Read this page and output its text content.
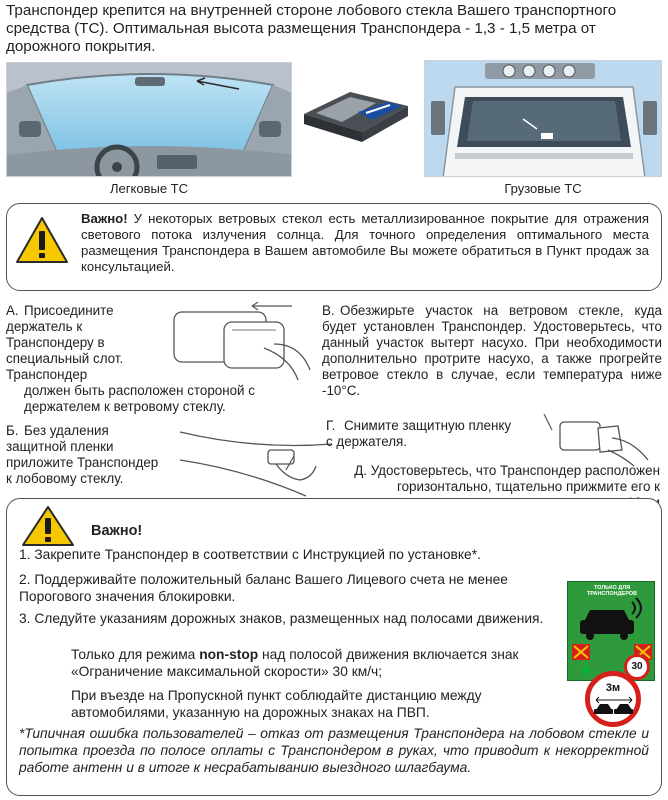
Транспондер крепится на внутренней стороне лобового стекла Вашего транспортного средства (ТС). Оптимальная высота размещения Транспондера - 1,3 - 1,5 метра от дорожного покрытия.
Легковые ТС	Грузовые ТС
Важно! У некоторых ветровых стекол есть металлизированное покрытие для отражения светового потока излучения солнца. Для точного определения оптимального места размещения Транспондера в Вашем автомобиле Вы можете обратиться в Пункт продаж за консультацией.
А. Присоедините держатель к Транспондеру в специальный слот. Транспондер
должен быть расположен стороной с держателем к ветровому стеклу.
В. Обезжирьте участок на ветровом стекле, куда будет установлен Транспондер. Удостоверьтесь, что данный участок вытерт насухо. При необходимости дополнительно протрите насухо, а также прогрейте ветровое стекло в случае, если температура ниже -10°С.
Б. Без удаления защитной пленки приложите Транспондер к лобовому стеклу.
Г. Снимите защитную пленку с держателя.
Д. Удостоверьтесь, что Транспондер расположен горизонтально, тщательно прижмите его к
Важно!
1. Закрепите Транспондер в соответствии с Инструкцией по установке*.
2. Поддерживайте положительный баланс Вашего Лицевого счета не менее Порогового значения блокировки.
3. Следуйте указаниям дорожных знаков, размещенных над полосами движения.
Только для режима non-stop над полосой движения включается знак «Ограничение максимальной скорости» 30 км/ч;
При въезде на Пропускной пункт соблюдайте дистанцию между автомобилями, указанную на дорожных знаках на ПВП.
ТОЛЬКО ДЛЯ ТРАНСПОНДЕРОВ
30
3м
*Типичная ошибка пользователей – отказ от размещения Транспондера на лобовом стекле и попытка проезда по полосе оплаты с Транспондером в руках, что приводит к некорректной работе антенн и в итоге к несрабатыванию выездного шлагбаума.
